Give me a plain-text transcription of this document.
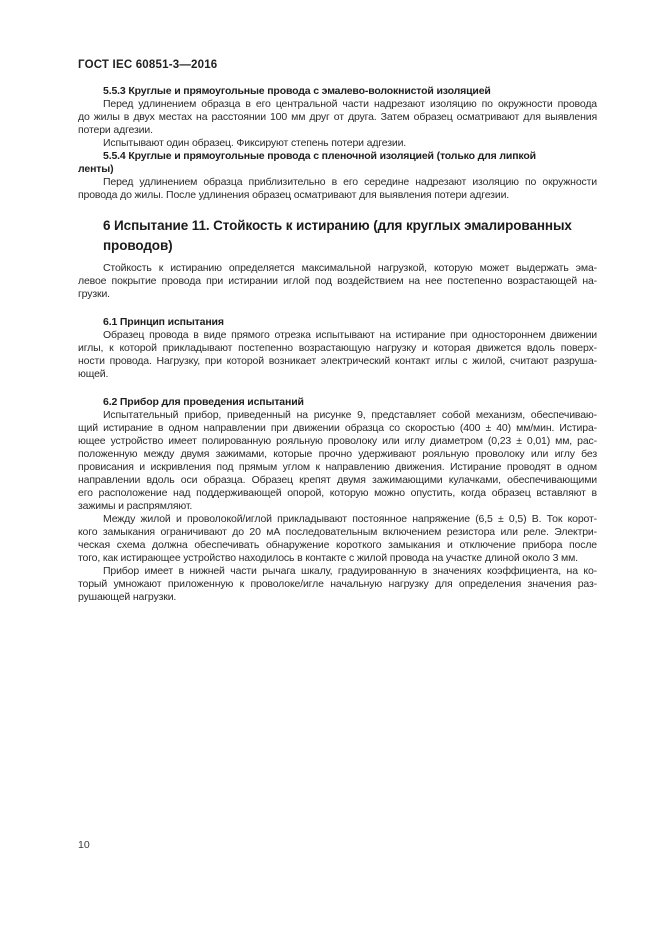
ГОСТ IEC 60851-3—2016
5.5.3 Круглые и прямоугольные провода с эмалево-волокнистой изоляцией
Перед удлинением образца в его центральной части надрезают изоляцию по окружности провода
до жилы в двух местах на расстоянии 100 мм друг от друга. Затем образец осматривают для выявления
потери адгезии.
Испытывают один образец. Фиксируют степень потери адгезии.
5.5.4 Круглые и прямоугольные провода с пленочной изоляцией (только для липкой
ленты)
Перед удлинением образца приблизительно в его середине надрезают изоляцию по окружности
провода до жилы. После удлинения образец осматривают для выявления потери адгезии.
6 Испытание 11. Стойкость к истиранию (для круглых эмалированных
проводов)
Стойкость к истиранию определяется максимальной нагрузкой, которую может выдержать эма-
левое покрытие провода при истирании иглой под воздействием на нее постепенно возрастающей на-
грузки.
6.1 Принцип испытания
Образец провода в виде прямого отрезка испытывают на истирание при одностороннем движении
иглы, к которой прикладывают постепенно возрастающую нагрузку и которая движется вдоль поверх-
ности провода. Нагрузку, при которой возникает электрический контакт иглы с жилой, считают разруша-
ющей.
6.2 Прибор для проведения испытаний
Испытательный прибор, приведенный на рисунке 9, представляет собой механизм, обеспечиваю-
щий истирание в одном направлении при движении образца со скоростью (400 ± 40) мм/мин. Истира-
ющее устройство имеет полированную рояльную проволоку или иглу диаметром (0,23 ± 0,01) мм, рас-
положенную между двумя зажимами, которые прочно удерживают рояльную проволоку или иглу без
провисания и искривления под прямым углом к направлению движения. Истирание проводят в одном
направлении вдоль оси образца. Образец крепят двумя зажимающими кулачками, обеспечивающими
его расположение над поддерживающей опорой, которую можно опустить, когда образец вставляют в
зажимы и распрямляют.
Между жилой и проволокой/иглой прикладывают постоянное напряжение (6,5 ± 0,5) В. Ток корот-
кого замыкания ограничивают до 20 мА последовательным включением резистора или реле. Электри-
ческая схема должна обеспечивать обнаружение короткого замыкания и отключение прибора после
того, как истирающее устройство находилось в контакте с жилой провода на участке длиной около 3 мм.
Прибор имеет в нижней части рычага шкалу, градуированную в значениях коэффициента, на ко-
торый умножают приложенную к проволоке/игле начальную нагрузку для определения значения раз-
рушающей нагрузки.
10
